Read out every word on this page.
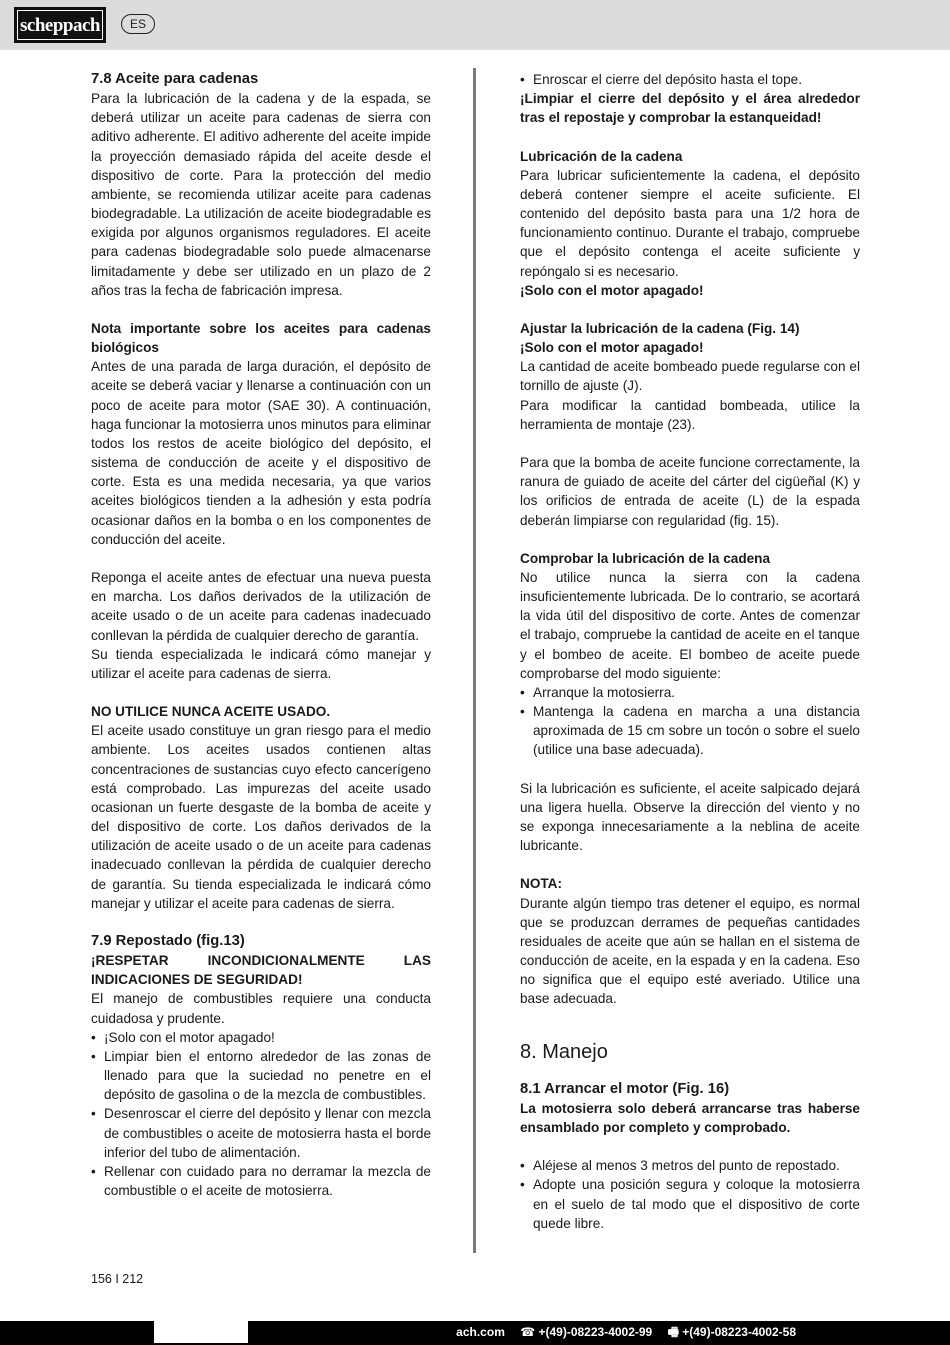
scheppach	ES

7.8 Aceite para cadenas

Para la lubricación de la cadena y de la espada, se deberá utilizar un aceite para cadenas de sierra con aditivo adherente. El aditivo adherente del aceite impide la proyección demasiado rápida del aceite desde el dispositivo de corte. Para la protección del medio ambiente, se recomienda utilizar aceite para cadenas biodegradable. La utilización de aceite biodegradable es exigida por algunos organismos reguladores. El aceite para cadenas biodegradable solo puede almacenarse limitadamente y debe ser utilizado en un plazo de 2 años tras la fecha de fabricación impresa.

Nota importante sobre los aceites para cadenas biológicos

Antes de una parada de larga duración, el depósito de aceite se deberá vaciar y llenarse a continuación con un poco de aceite para motor (SAE 30). A continuación, haga funcionar la motosierra unos minutos para eliminar todos los restos de aceite biológico del depósito, el sistema de conducción de aceite y el dispositivo de corte. Esta es una medida necesaria, ya que varios aceites biológicos tienden a la adhesión y esta podría ocasionar daños en la bomba o en los componentes de conducción del aceite.

Reponga el aceite antes de efectuar una nueva puesta en marcha. Los daños derivados de la utilización de aceite usado o de un aceite para cadenas inadecuado conllevan la pérdida de cualquier derecho de garantía.

Su tienda especializada le indicará cómo manejar y utilizar el aceite para cadenas de sierra.

NO UTILICE NUNCA ACEITE USADO.

El aceite usado constituye un gran riesgo para el medio ambiente. Los aceites usados contienen altas concentraciones de sustancias cuyo efecto cancerígeno está comprobado. Las impurezas del aceite usado ocasionan un fuerte desgaste de la bomba de aceite y del dispositivo de corte. Los daños derivados de la utilización de aceite usado o de un aceite para cadenas inadecuado conllevan la pérdida de cualquier derecho de garantía. Su tienda especializada le indicará cómo manejar y utilizar el aceite para cadenas de sierra.

7.9 Repostado (fig.13)

¡RESPETAR INCONDICIONALMENTE LAS INDICACIONES DE SEGURIDAD!

El manejo de combustibles requiere una conducta cuidadosa y prudente.

• ¡Solo con el motor apagado!
• Limpiar bien el entorno alrededor de las zonas de llenado para que la suciedad no penetre en el depósito de gasolina o de la mezcla de combustibles.
• Desenroscar el cierre del depósito y llenar con mezcla de combustibles o aceite de motosierra hasta el borde inferior del tubo de alimentación.
• Rellenar con cuidado para no derramar la mezcla de combustible o el aceite de motosierra.
• Enroscar el cierre del depósito hasta el tope.

¡Limpiar el cierre del depósito y el área alrededor tras el repostaje y comprobar la estanqueidad!

Lubricación de la cadena

Para lubricar suficientemente la cadena, el depósito deberá contener siempre el aceite suficiente. El contenido del depósito basta para una 1/2 hora de funcionamiento continuo. Durante el trabajo, compruebe que el depósito contenga el aceite suficiente y repóngalo si es necesario.

¡Solo con el motor apagado!

Ajustar la lubricación de la cadena (Fig. 14)

¡Solo con el motor apagado!

La cantidad de aceite bombeado puede regularse con el tornillo de ajuste (J).

Para modificar la cantidad bombeada, utilice la herramienta de montaje (23).

Para que la bomba de aceite funcione correctamente, la ranura de guiado de aceite del cárter del cigüeñal (K) y los orificios de entrada de aceite (L) de la espada deberán limpiarse con regularidad (fig. 15).

Comprobar la lubricación de la cadena

No utilice nunca la sierra con la cadena insuficientemente lubricada. De lo contrario, se acortará la vida útil del dispositivo de corte. Antes de comenzar el trabajo, compruebe la cantidad de aceite en el tanque y el bombeo de aceite. El bombeo de aceite puede comprobarse del modo siguiente:

• Arranque la motosierra.
• Mantenga la cadena en marcha a una distancia aproximada de 15 cm sobre un tocón o sobre el suelo (utilice una base adecuada).

Si la lubricación es suficiente, el aceite salpicado dejará una ligera huella. Observe la dirección del viento y no se exponga innecesariamente a la neblina de aceite lubricante.

NOTA:

Durante algún tiempo tras detener el equipo, es normal que se produzcan derrames de pequeñas cantidades residuales de aceite que aún se hallan en el sistema de conducción de aceite, en la espada y en la cadena. Eso no significa que el equipo esté averiado. Utilice una base adecuada.

8. Manejo

8.1 Arrancar el motor (Fig. 16)

La motosierra solo deberá arrancarse tras haberse ensamblado por completo y comprobado.

• Aléjese al menos 3 metros del punto de repostado.
• Adopte una posición segura y coloque la motosierra en el suelo de tal modo que el dispositivo de corte quede libre.
156 I 212
ach.com ☎ +(49)-08223-4002-99 🖷 +(49)-08223-4002-58
